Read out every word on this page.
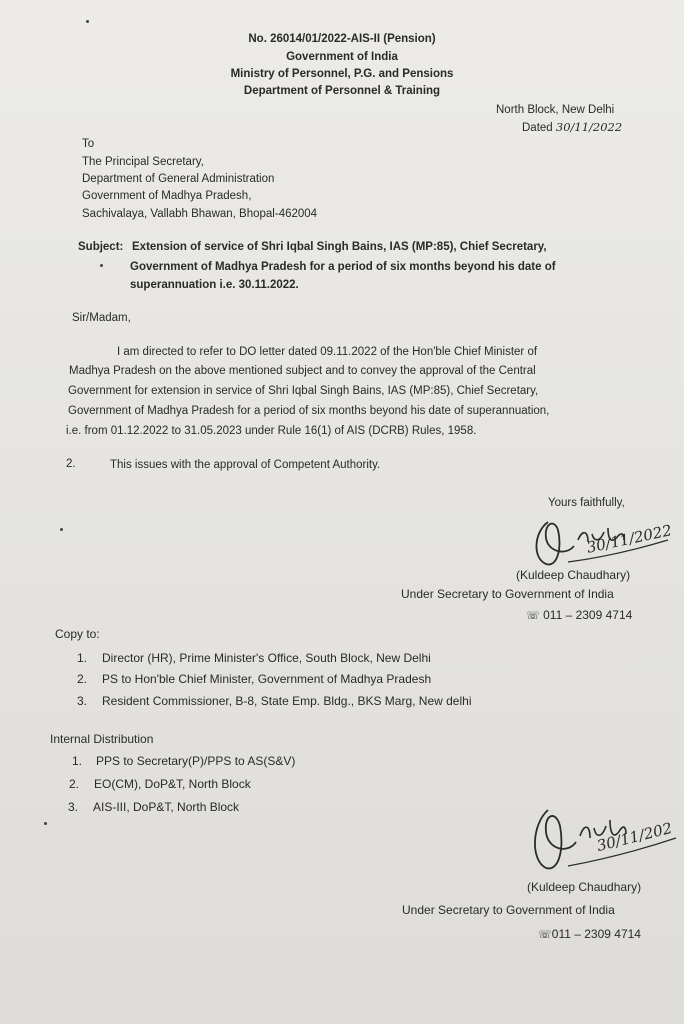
No. 26014/01/2022-AIS-II (Pension)
Government of India
Ministry of Personnel, P.G. and Pensions
Department of Personnel & Training
North Block, New Delhi
Dated 30/11/2022
To
The Principal Secretary,
Department of General Administration
Government of Madhya Pradesh,
Sachivalaya, Vallabh Bhawan, Bhopal-462004
Subject: Extension of service of Shri Iqbal Singh Bains, IAS (MP:85), Chief Secretary,
Government of Madhya Pradesh for a period of six months beyond his date of
superannuation i.e. 30.11.2022.
Sir/Madam,
I am directed to refer to DO letter dated 09.11.2022 of the Hon'ble Chief Minister of
Madhya Pradesh on the above mentioned subject and to convey the approval of the Central
Government for extension in service of Shri Iqbal Singh Bains, IAS (MP:85), Chief Secretary,
Government of Madhya Pradesh for a period of six months beyond his date of superannuation,
i.e. from 01.12.2022 to 31.05.2023 under Rule 16(1) of AIS (DCRB) Rules, 1958.
2.	This issues with the approval of Competent Authority.
Yours faithfully,
30/11/2022
(Kuldeep Chaudhary)
Under Secretary to Government of India
☏ 011 – 2309 4714
Copy to:
1. Director (HR), Prime Minister's Office, South Block, New Delhi
2. PS to Hon'ble Chief Minister, Government of Madhya Pradesh
3. Resident Commissioner, B-8, State Emp. Bldg., BKS Marg, New delhi
Internal Distribution
1. PPS to Secretary(P)/PPS to AS(S&V)
2. EO(CM), DoP&T, North Block
3. AIS-III, DoP&T, North Block
30/11/202
(Kuldeep Chaudhary)
Under Secretary to Government of India
☏011 – 2309 4714
